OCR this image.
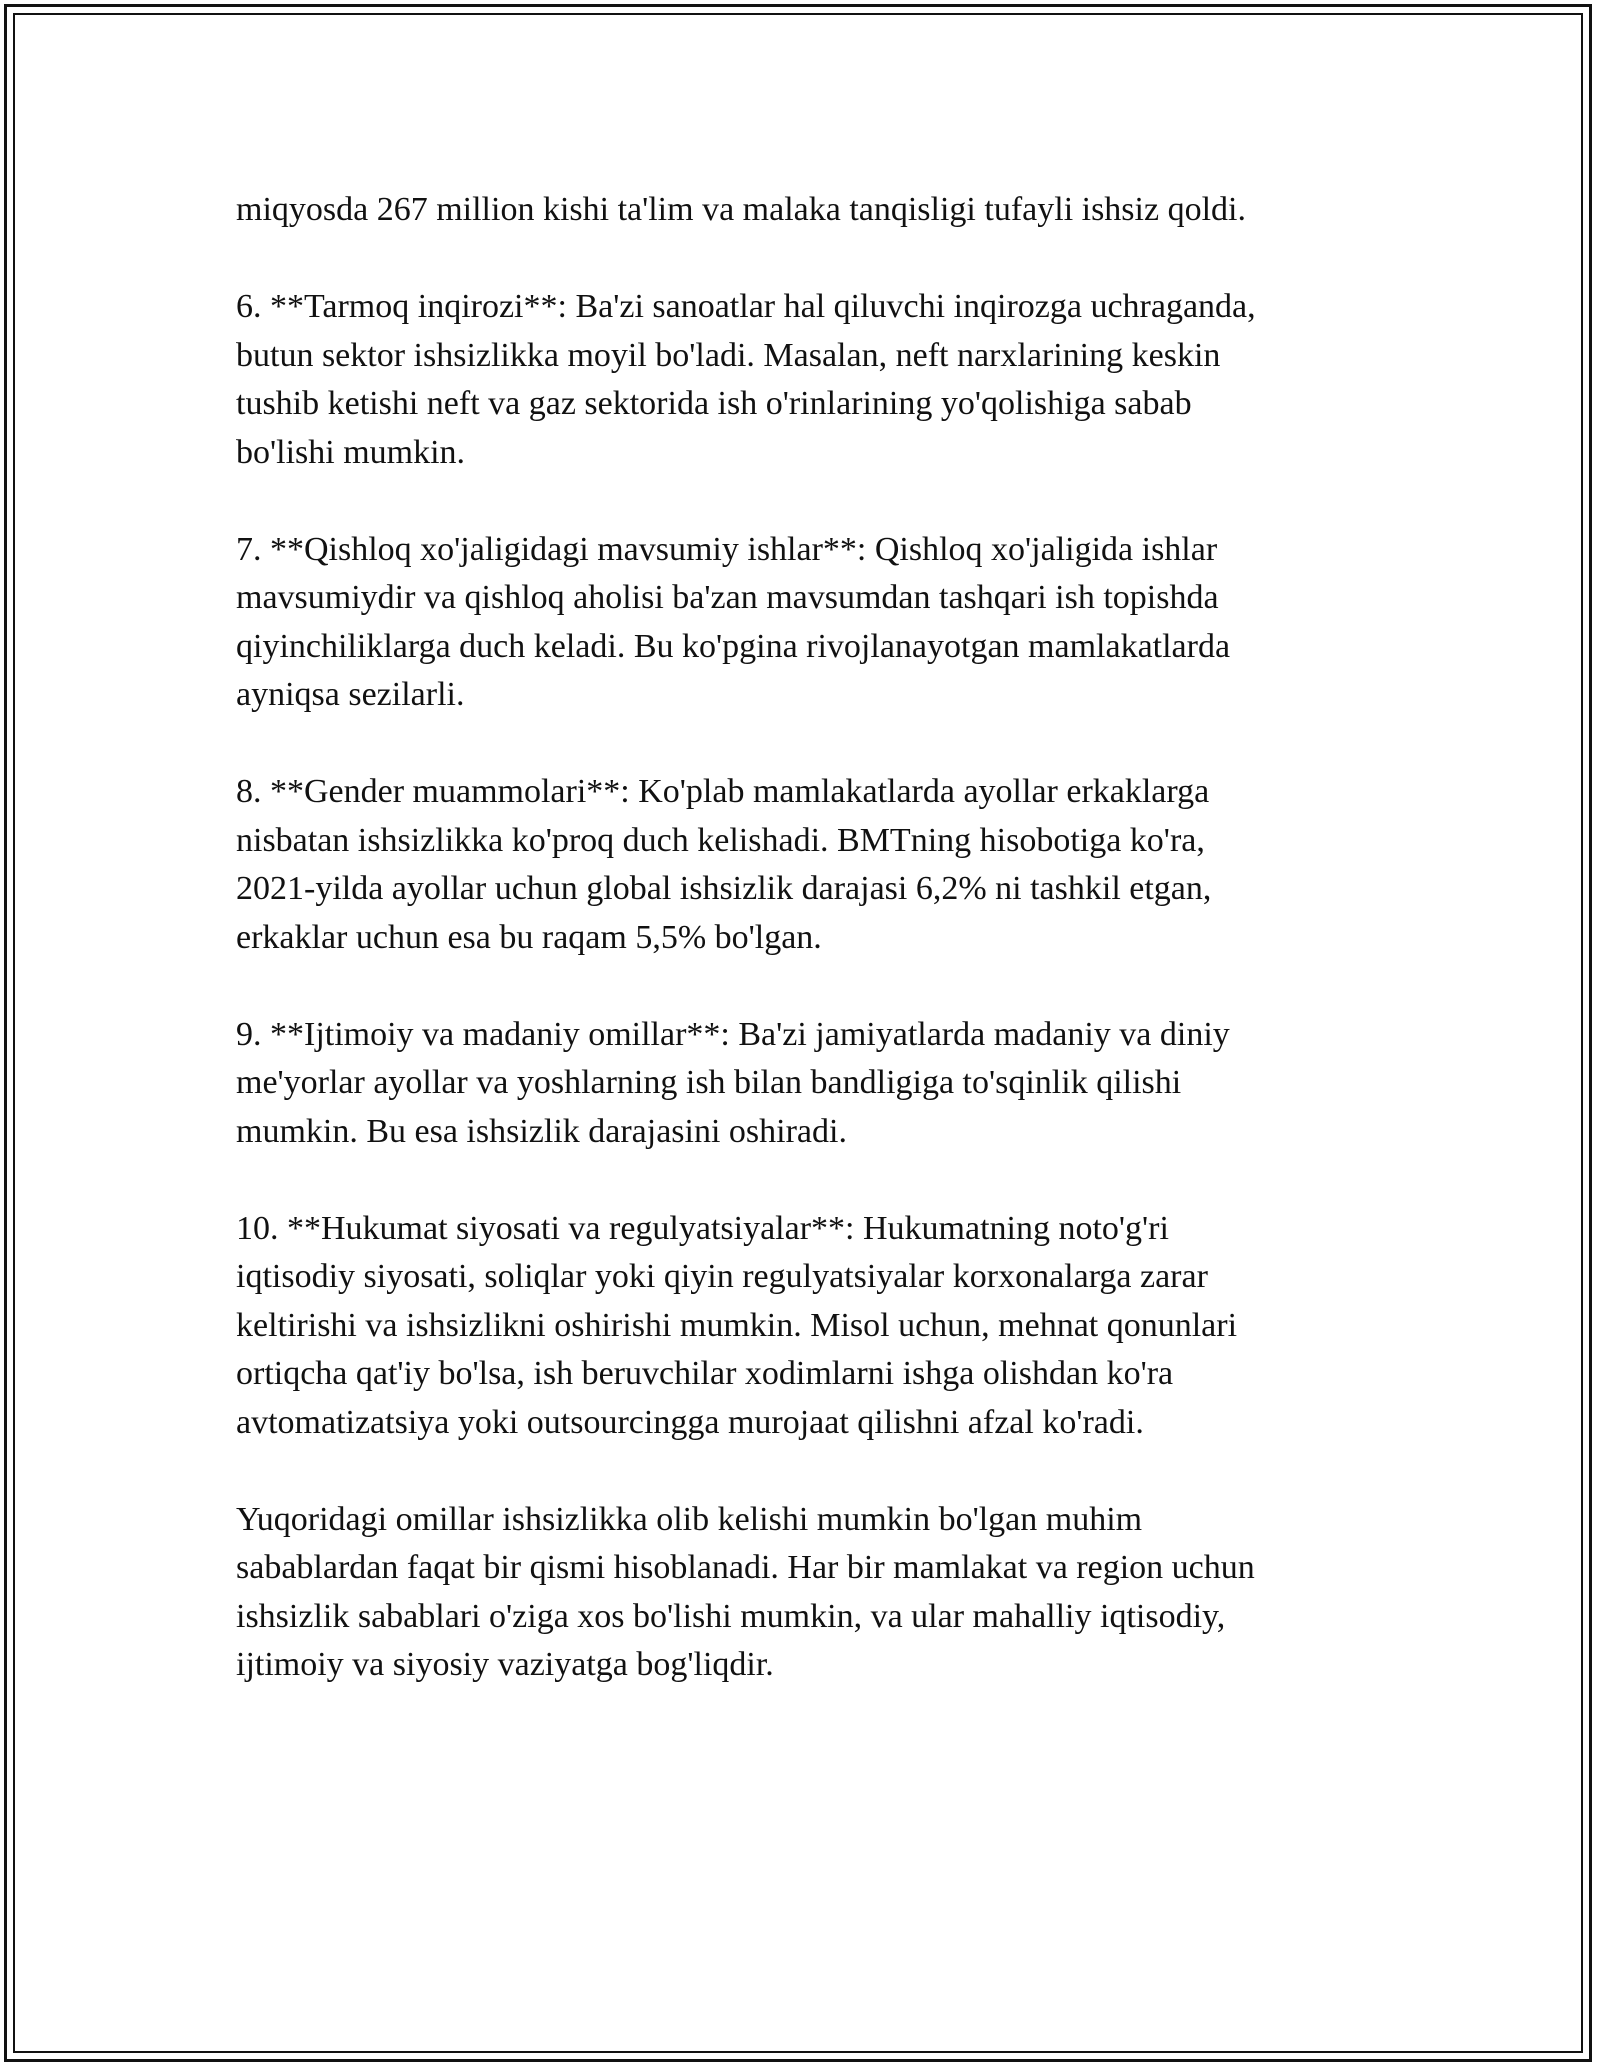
miqyosda 267 million kishi ta'lim va malaka tanqisligi tufayli ishsiz qoldi.

6. **Tarmoq inqirozi**: Ba'zi sanoatlar hal qiluvchi inqirozga uchraganda,
butun sektor ishsizlikka moyil bo'ladi. Masalan, neft narxlarining keskin
tushib ketishi neft va gaz sektorida ish o'rinlarining yo'qolishiga sabab
bo'lishi mumkin.

7. **Qishloq xo'jaligidagi mavsumiy ishlar**: Qishloq xo'jaligida ishlar
mavsumiydir va qishloq aholisi ba'zan mavsumdan tashqari ish topishda
qiyinchiliklarga duch keladi. Bu ko'pgina rivojlanayotgan mamlakatlarda
ayniqsa sezilarli.

8. **Gender muammolari**: Ko'plab mamlakatlarda ayollar erkaklarga
nisbatan ishsizlikka ko'proq duch kelishadi. BMTning hisobotiga ko'ra,
2021-yilda ayollar uchun global ishsizlik darajasi 6,2% ni tashkil etgan,
erkaklar uchun esa bu raqam 5,5% bo'lgan.

9. **Ijtimoiy va madaniy omillar**: Ba'zi jamiyatlarda madaniy va diniy
me'yorlar ayollar va yoshlarning ish bilan bandligiga to'sqinlik qilishi
mumkin. Bu esa ishsizlik darajasini oshiradi.

10. **Hukumat siyosati va regulyatsiyalar**: Hukumatning noto'g'ri
iqtisodiy siyosati, soliqlar yoki qiyin regulyatsiyalar korxonalarga zarar
keltirishi va ishsizlikni oshirishi mumkin. Misol uchun, mehnat qonunlari
ortiqcha qat'iy bo'lsa, ish beruvchilar xodimlarni ishga olishdan ko'ra
avtomatizatsiya yoki outsourcingga murojaat qilishni afzal ko'radi.

Yuqoridagi omillar ishsizlikka olib kelishi mumkin bo'lgan muhim
sabablardan faqat bir qismi hisoblanadi. Har bir mamlakat va region uchun
ishsizlik sabablari o'ziga xos bo'lishi mumkin, va ular mahalliy iqtisodiy,
ijtimoiy va siyosiy vaziyatga bog'liqdir.
